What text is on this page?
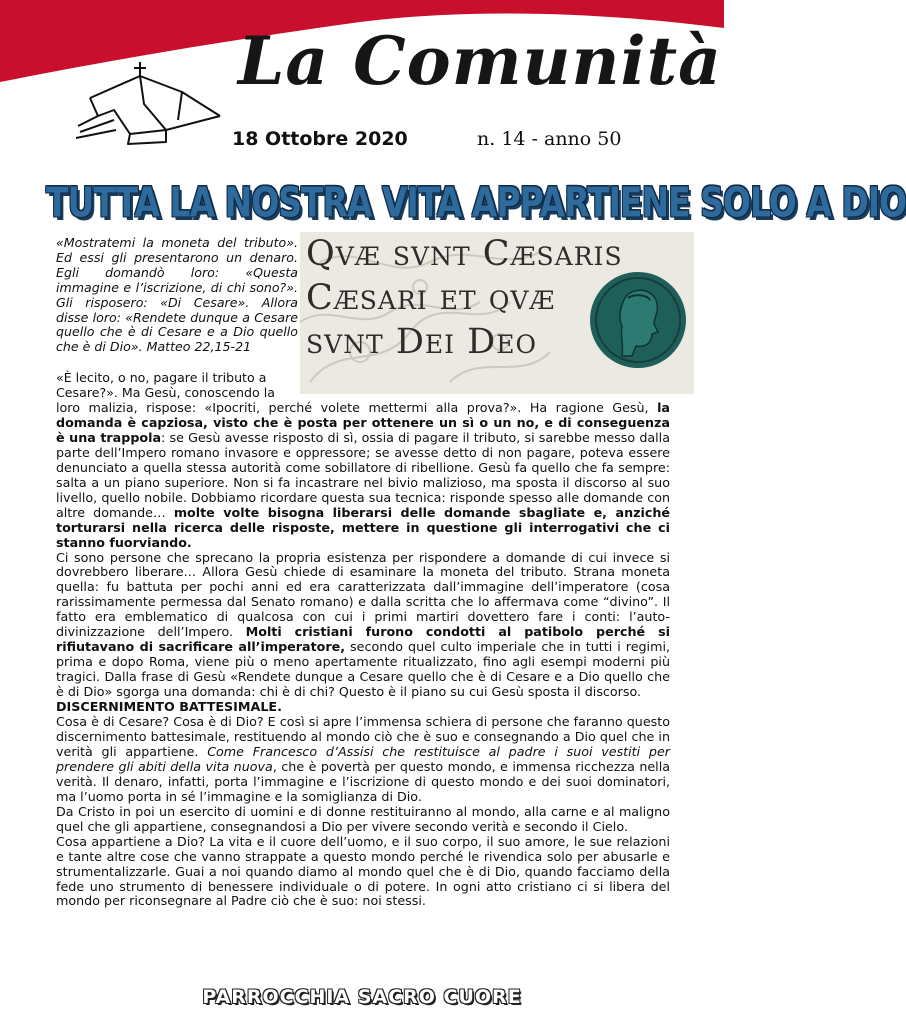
La Comunità
18 Ottobre 2020	n. 14 - anno 50
TUTTA LA NOSTRA VITA APPARTIENE SOLO A DIO
Qvæ svnt Cæsaris
Cæsari et qvæ
svnt Dei Deo

«Mostratemi la moneta del tributo». Ed essi gli presentarono un denaro. Egli domandò loro: «Questa immagine e l’iscrizione, di chi sono?». Gli risposero: «Di Cesare». Allora disse loro: «Rendete dunque a Cesare quello che è di Cesare e a Dio quello che è di Dio». Matteo 22,15-21

«È lecito, o no, pagare il tributo a Cesare?». Ma Gesù, conoscendo la

loro malizia, rispose: «Ipocriti, perché volete mettermi alla prova?». Ha ragione Gesù, la domanda è capziosa, visto che è posta per ottenere un sì o un no, e di conseguenza è una trappola: se Gesù avesse risposto di sì, ossia di pagare il tributo, si sarebbe messo dalla parte dell’Impero romano invasore e oppressore; se avesse detto di non pagare, poteva essere denunciato a quella stessa autorità come sobillatore di ribellione. Gesù fa quello che fa sempre: salta a un piano superiore. Non si fa incastrare nel bivio malizioso, ma sposta il discorso al suo livello, quello nobile. Dobbiamo ricordare questa sua tecnica: risponde spesso alle domande con altre domande… molte volte bisogna liberarsi delle domande sbagliate e, anziché torturarsi nella ricerca delle risposte, mettere in questione gli interrogativi che ci stanno fuorviando.

Ci sono persone che sprecano la propria esistenza per rispondere a domande di cui invece si dovrebbero liberare… Allora Gesù chiede di esaminare la moneta del tributo. Strana moneta quella: fu battuta per pochi anni ed era caratterizzata dall’immagine dell’imperatore (cosa rarissimamente permessa dal Senato romano) e dalla scritta che lo affermava come “divino”. Il fatto era emblematico di qualcosa con cui i primi martiri dovettero fare i conti: l’auto-divinizzazione dell’Impero. Molti cristiani furono condotti al patibolo perché si rifiutavano di sacrificare all’imperatore, secondo quel culto imperiale che in tutti i regimi, prima e dopo Roma, viene più o meno apertamente ritualizzato, fino agli esempi moderni più tragici. Dalla frase di Gesù «Rendete dunque a Cesare quello che è di Cesare e a Dio quello che è di Dio» sgorga una domanda: chi è di chi? Questo è il piano su cui Gesù sposta il discorso.

DISCERNIMENTO BATTESIMALE.

Cosa è di Cesare? Cosa è di Dio? E così si apre l’immensa schiera di persone che faranno questo discernimento battesimale, restituendo al mondo ciò che è suo e consegnando a Dio quel che in verità gli appartiene. Come Francesco d’Assisi che restituisce al padre i suoi vestiti per prendere gli abiti della vita nuova, che è povertà per questo mondo, e immensa ricchezza nella verità. Il denaro, infatti, porta l’immagine e l’iscrizione di questo mondo e dei suoi dominatori, ma l’uomo porta in sé l’immagine e la somiglianza di Dio.

Da Cristo in poi un esercito di uomini e di donne restituiranno al mondo, alla carne e al maligno quel che gli appartiene, consegnandosi a Dio per vivere secondo verità e secondo il Cielo.

Cosa appartiene a Dio? La vita e il cuore dell’uomo, e il suo corpo, il suo amore, le sue relazioni e tante altre cose che vanno strappate a questo mondo perché le rivendica solo per abusarle e strumentalizzarle. Guai a noi quando diamo al mondo quel che è di Dio, quando facciamo della fede uno strumento di benessere individuale o di potere. In ogni atto cristiano ci si libera del mondo per riconsegnare al Padre ciò che è suo: noi stessi.

PARROCCHIA SACRO CUORE
